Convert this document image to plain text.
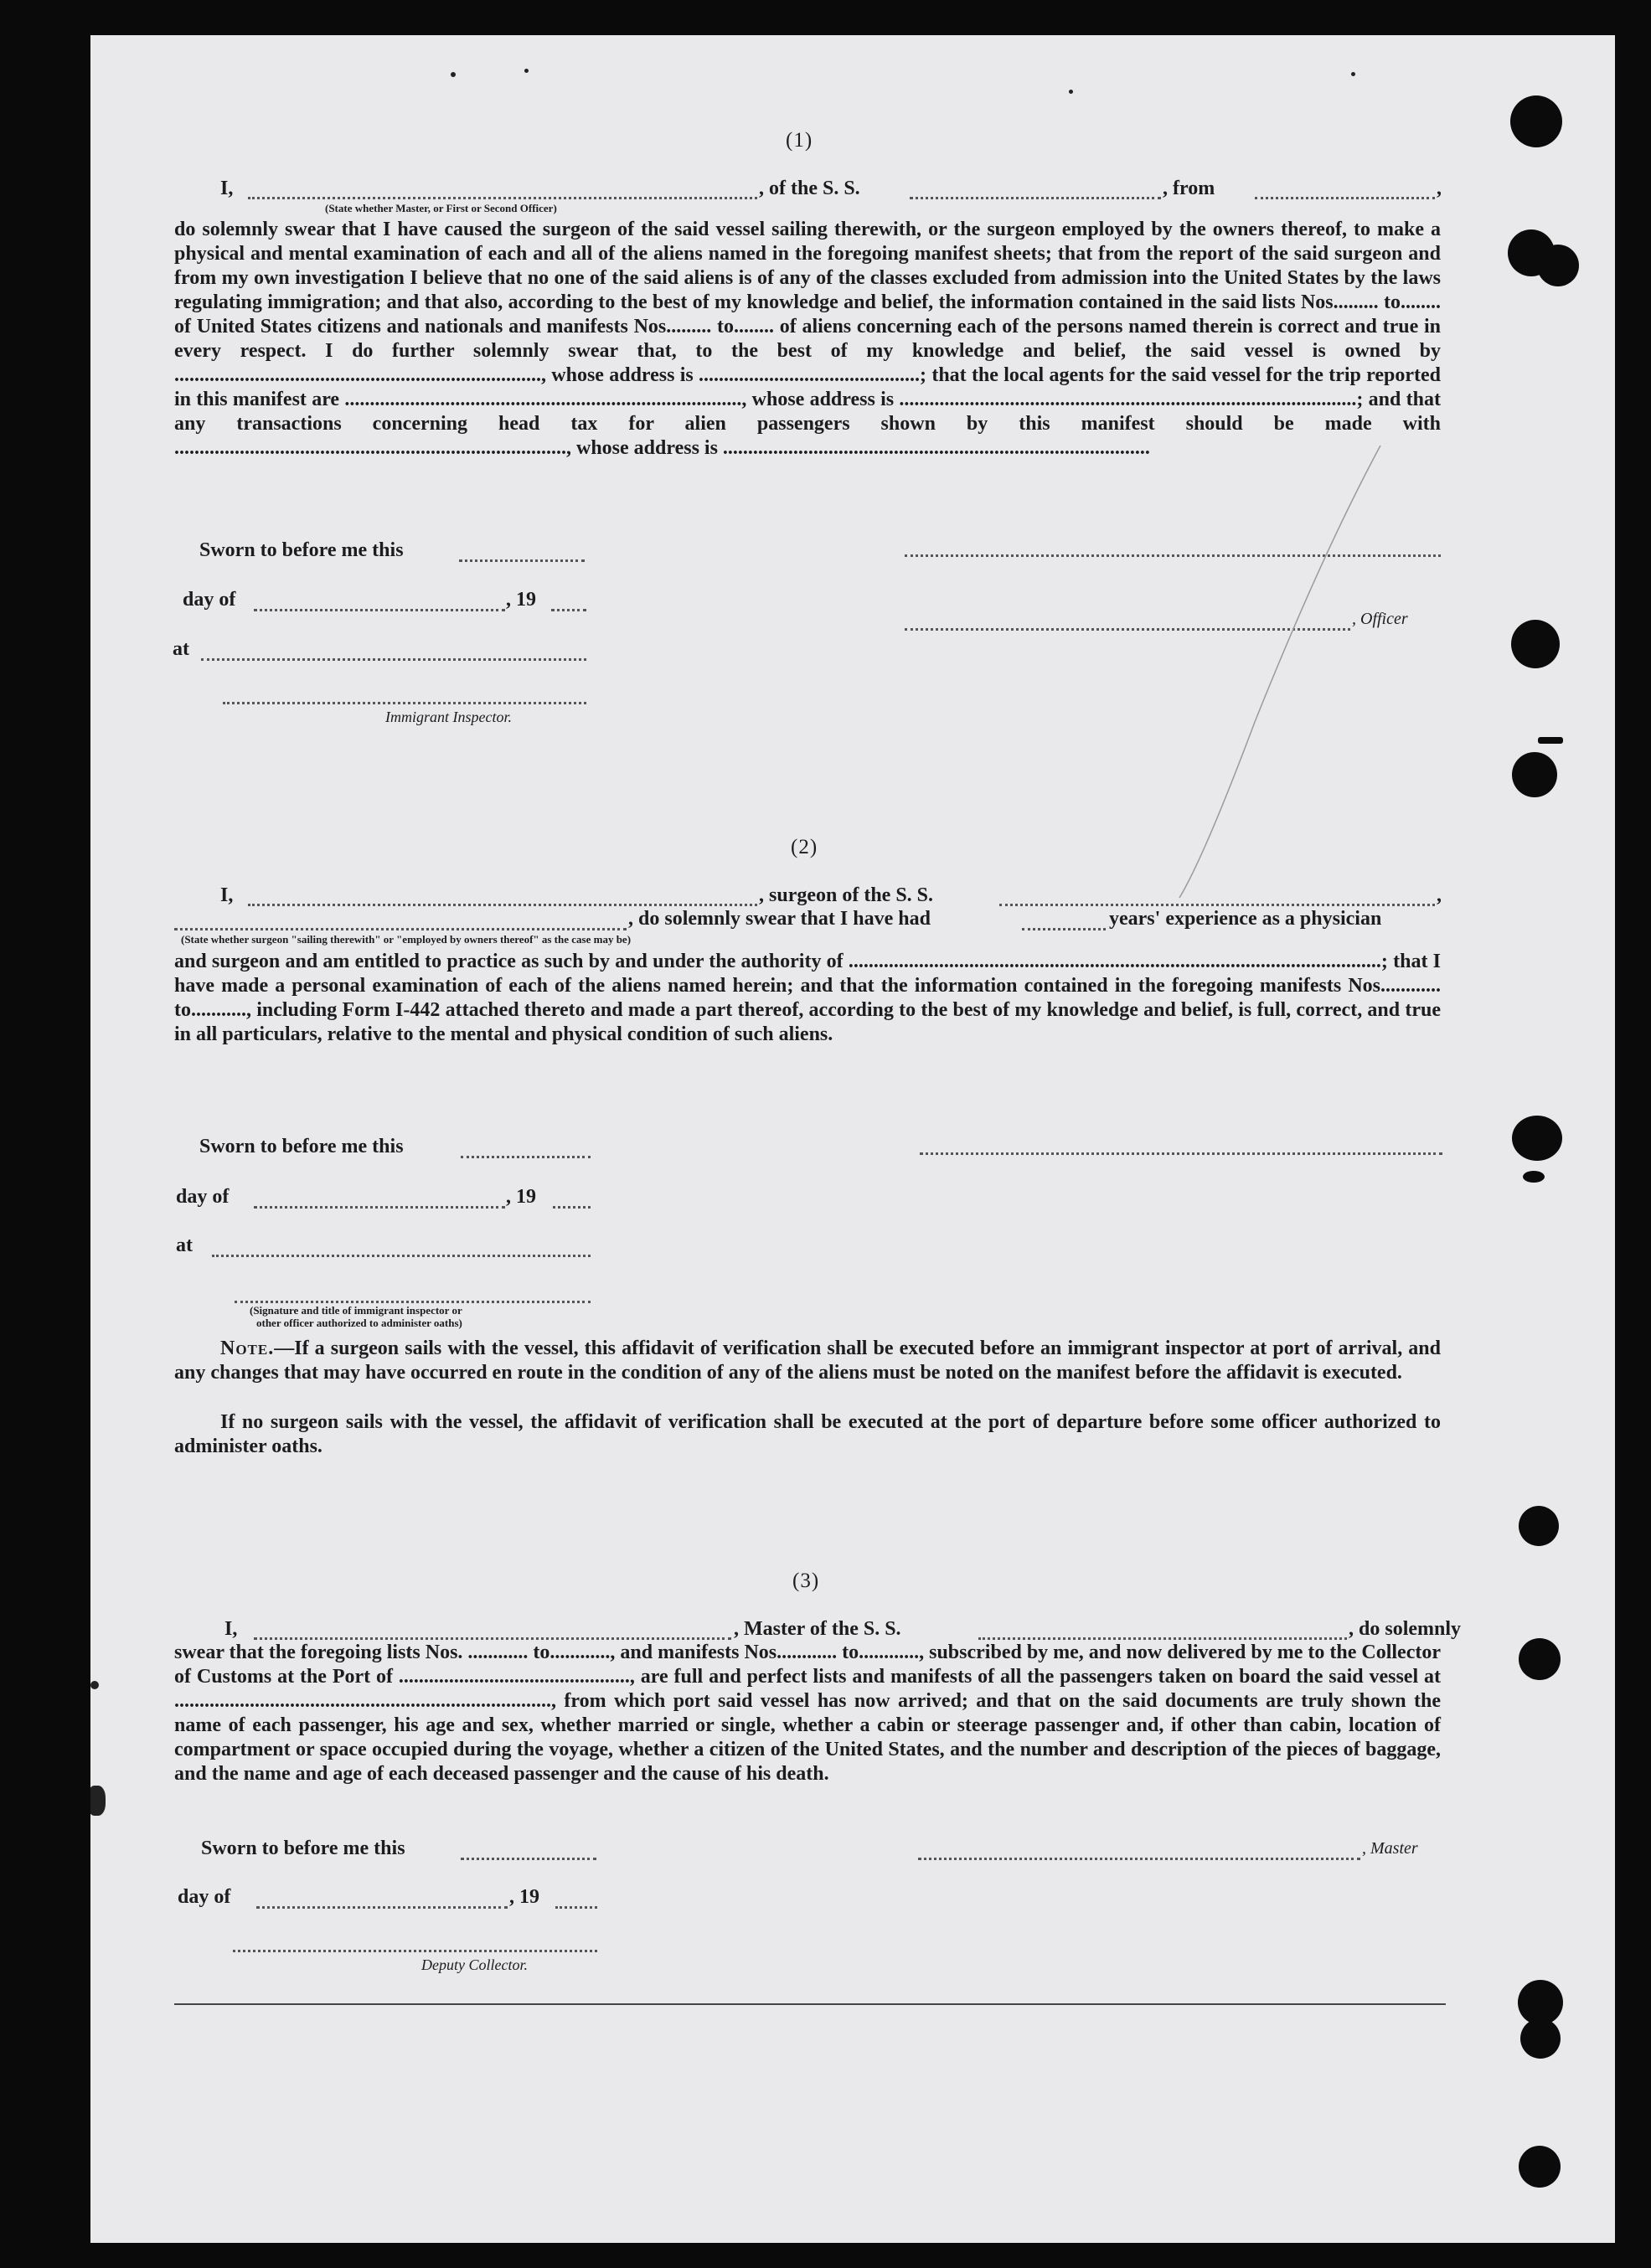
(1)
I,	, of the S. S.	, from	,
(State whether Master, or First or Second Officer)
do solemnly swear that I have caused the surgeon of the said vessel sailing therewith, or the surgeon employed by the owners thereof, to make a physical and mental examination of each and all of the aliens named in the foregoing manifest sheets; that from the report of the said surgeon and from my own investigation I believe that no one of the said aliens is of any of the classes excluded from admission into the United States by the laws regulating immigration; and that also, according to the best of my knowledge and belief, the information contained in the said lists Nos......... to........ of United States citizens and nationals and manifests Nos......... to........ of aliens concerning each of the persons named therein is correct and true in every respect. I do further solemnly swear that, to the best of my knowledge and belief, the said vessel is owned by ........................................................................., whose address is ............................................; that the local agents for the said vessel for the trip reported in this manifest are ..............................................................................., whose address is ...........................................................................................; and that any transactions concerning head tax for alien passengers shown by this manifest should be made with .............................................................................., whose address is .....................................................................................
Sworn to before me this
day of	, 19
, Officer
at
Immigrant Inspector.
(2)
I,	, surgeon of the S. S.	,
, do solemnly swear that I have had	years' experience as a physician
(State whether surgeon "sailing therewith" or "employed by owners thereof" as the case may be)
and surgeon and am entitled to practice as such by and under the authority of ..........................................................................................................; that I have made a personal examination of each of the aliens named herein; and that the information contained in the foregoing manifests Nos............ to..........., including Form I-442 attached thereto and made a part thereof, according to the best of my knowledge and belief, is full, correct, and true in all particulars, relative to the mental and physical condition of such aliens.
Sworn to before me this
day of	, 19
at
(Signature and title of immigrant inspector or
other officer authorized to administer oaths)
Note.—If a surgeon sails with the vessel, this affidavit of verification shall be executed before an immigrant inspector at port of arrival, and any changes that may have occurred en route in the condition of any of the aliens must be noted on the manifest before the affidavit is executed.
If no surgeon sails with the vessel, the affidavit of verification shall be executed at the port of departure before some officer authorized to administer oaths.
(3)
I,	, Master of the S. S.	, do solemnly
swear that the foregoing lists Nos. ............ to............, and manifests Nos............ to............, subscribed by me, and now delivered by me to the Collector of Customs at the Port of .............................................., are full and perfect lists and manifests of all the passengers taken on board the said vessel at ..........................................................................., from which port said vessel has now arrived; and that on the said documents are truly shown the name of each passenger, his age and sex, whether married or single, whether a cabin or steerage passenger and, if other than cabin, location of compartment or space occupied during the voyage, whether a citizen of the United States, and the number and description of the pieces of baggage, and the name and age of each deceased passenger and the cause of his death.
Sworn to before me this	, Master
day of	, 19
Deputy Collector.
